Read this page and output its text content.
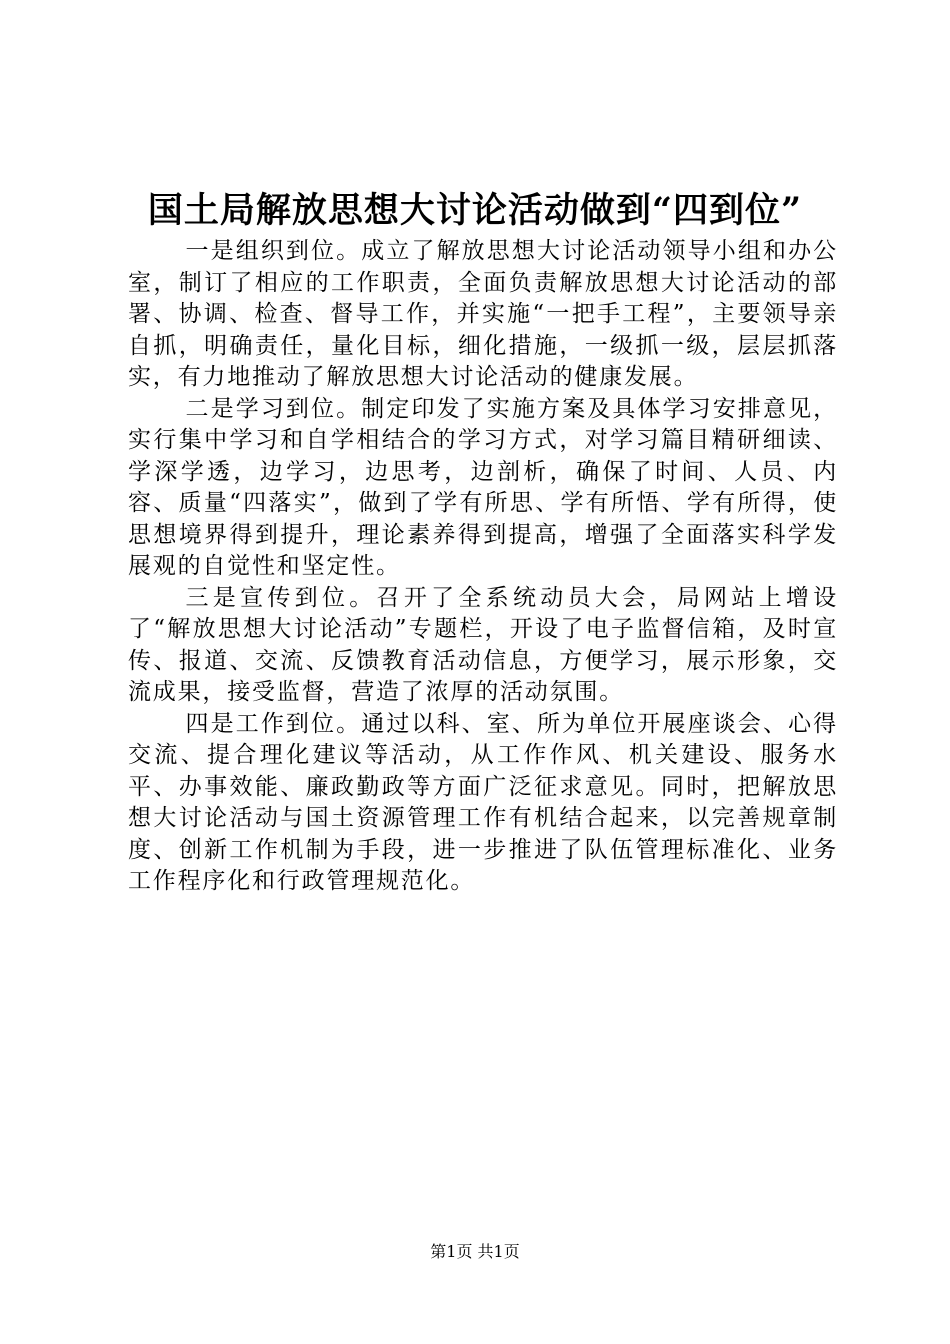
国土局解放思想大讨论活动做到“四到位”

一是组织到位。成立了解放思想大讨论活动领导小组和办公室，制订了相应的工作职责，全面负责解放思想大讨论活动的部署、协调、检查、督导工作，并实施“一把手工程”，主要领导亲自抓，明确责任，量化目标，细化措施，一级抓一级，层层抓落实，有力地推动了解放思想大讨论活动的健康发展。

二是学习到位。制定印发了实施方案及具体学习安排意见，实行集中学习和自学相结合的学习方式，对学习篇目精研细读、学深学透，边学习，边思考，边剖析，确保了时间、人员、内容、质量“四落实”，做到了学有所思、学有所悟、学有所得，使思想境界得到提升，理论素养得到提高，增强了全面落实科学发展观的自觉性和坚定性。

三是宣传到位。召开了全系统动员大会，局网站上增设了“解放思想大讨论活动”专题栏，开设了电子监督信箱，及时宣传、报道、交流、反馈教育活动信息，方便学习，展示形象，交流成果，接受监督，营造了浓厚的活动氛围。

四是工作到位。通过以科、室、所为单位开展座谈会、心得交流、提合理化建议等活动，从工作作风、机关建设、服务水平、办事效能、廉政勤政等方面广泛征求意见。同时，把解放思想大讨论活动与国土资源管理工作有机结合起来，以完善规章制度、创新工作机制为手段，进一步推进了队伍管理标准化、业务工作程序化和行政管理规范化。

第1页 共1页
